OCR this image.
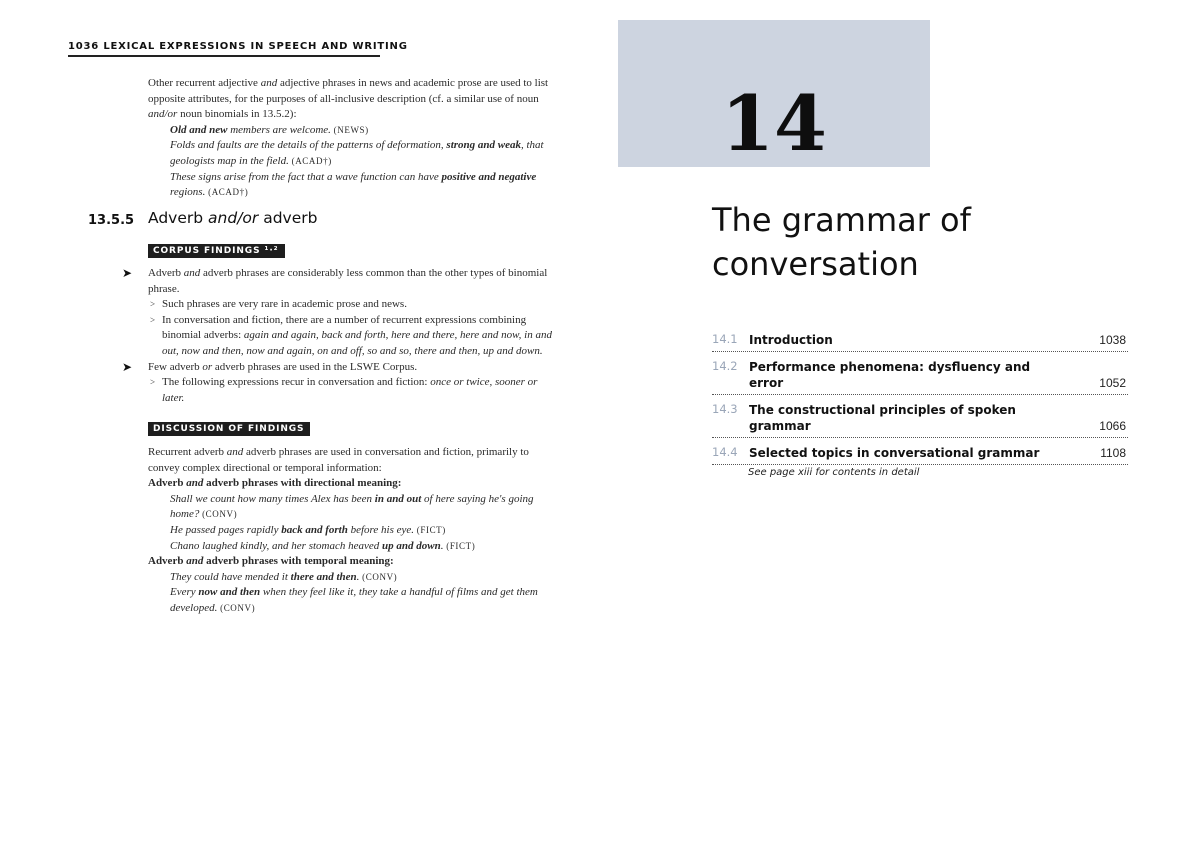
1036 LEXICAL EXPRESSIONS IN SPEECH AND WRITING

Other recurrent adjective and adjective phrases in news and academic prose are used to list opposite attributes, for the purposes of all-inclusive description (cf. a similar use of noun and/or noun binomials in 13.5.2):

Old and new members are welcome. (NEWS)

Folds and faults are the details of the patterns of deformation, strong and weak, that geologists map in the field. (ACAD†)

These signs arise from the fact that a wave function can have positive and negative regions. (ACAD†)

13.5.5 Adverb and/or adverb
CORPUS FINDINGS ¹·²

➤ Adverb and adverb phrases are considerably less common than the other types of binomial phrase.

> Such phrases are very rare in academic prose and news.

> In conversation and fiction, there are a number of recurrent expressions combining binomial adverbs: again and again, back and forth, here and there, here and now, in and out, now and then, now and again, on and off, so and so, there and then, up and down.

➤ Few adverb or adverb phrases are used in the LSWE Corpus.

> The following expressions recur in conversation and fiction: once or twice, sooner or later.

DISCUSSION OF FINDINGS

Recurrent adverb and adverb phrases are used in conversation and fiction, primarily to convey complex directional or temporal information:

Adverb and adverb phrases with directional meaning:

Shall we count how many times Alex has been in and out of here saying he's going home? (CONV)

He passed pages rapidly back and forth before his eye. (FICT)

Chano laughed kindly, and her stomach heaved up and down. (FICT)

Adverb and adverb phrases with temporal meaning:

They could have mended it there and then. (CONV)

Every now and then when they feel like it, they take a handful of films and get them developed. (CONV)

14
The grammar of conversation
14.1 Introduction	1038
14.2 Performance phenomena: dysfluency and error	1052
14.3 The constructional principles of spoken grammar	1066
14.4 Selected topics in conversational grammar	1108
See page xiii for contents in detail
